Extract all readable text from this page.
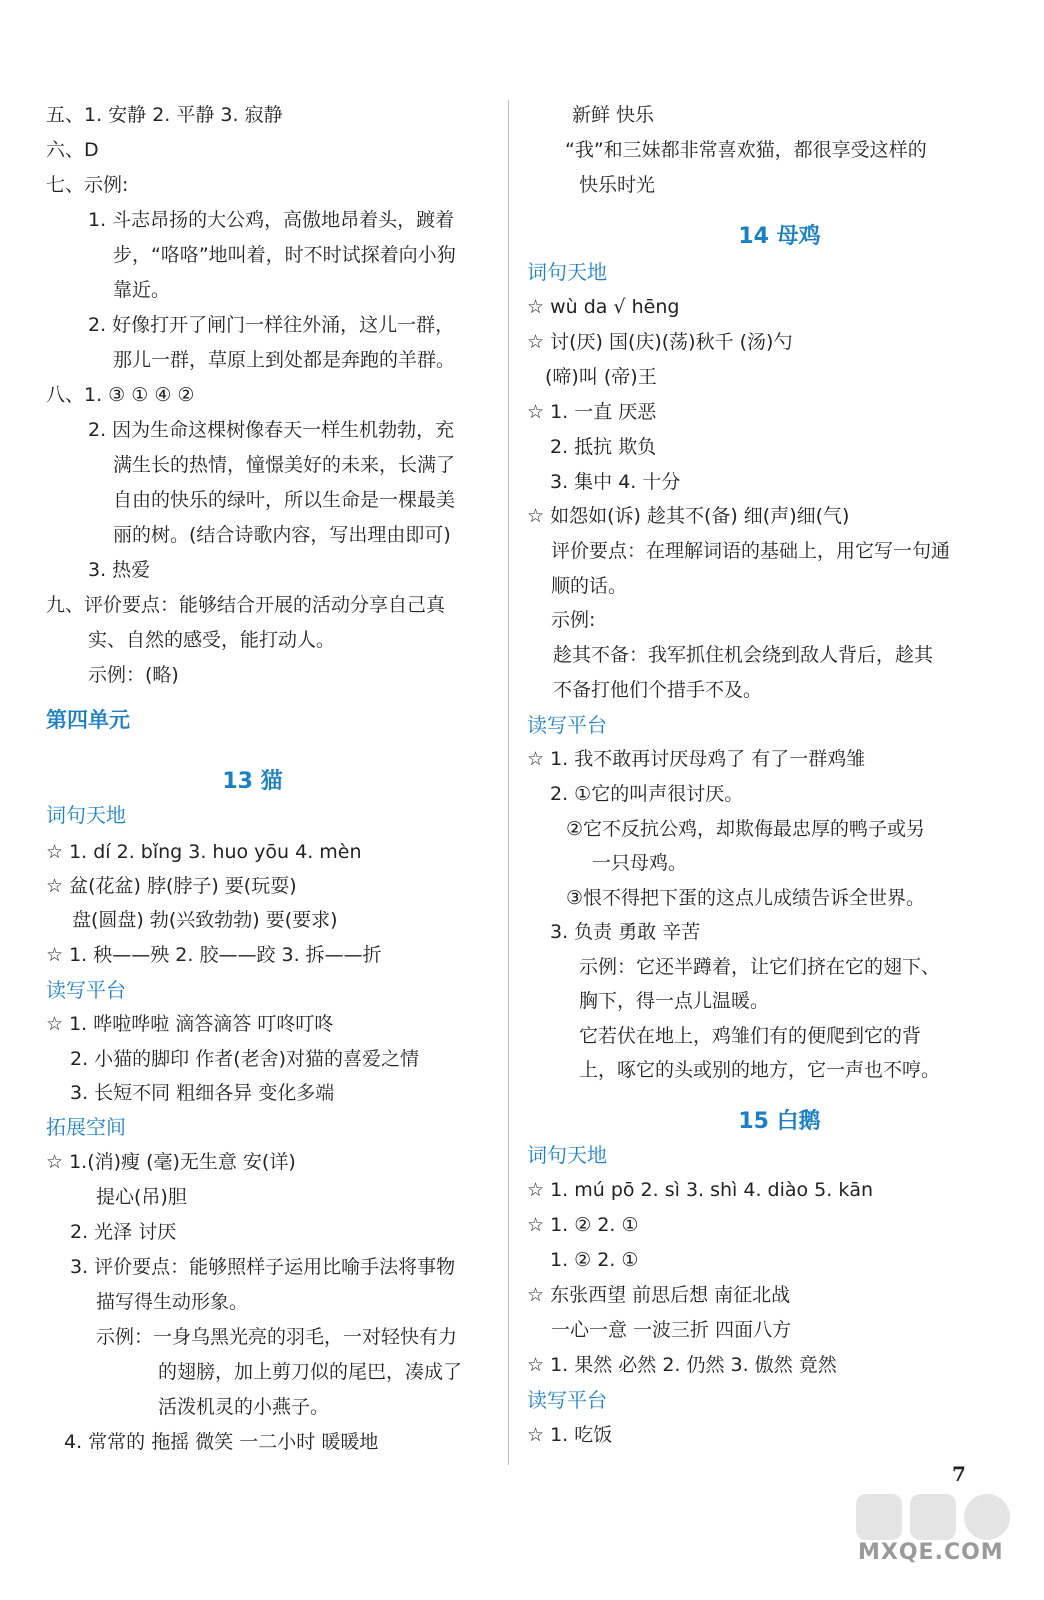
五、1. 安静 2. 平静 3. 寂静
六、D
七、示例:
1. 斗志昂扬的大公鸡，高傲地昂着头，踱着
步，“咯咯”地叫着，时不时试探着向小狗
靠近。
2. 好像打开了闸门一样往外涌，这儿一群，
那儿一群，草原上到处都是奔跑的羊群。
八、1. ③ ① ④ ②
2. 因为生命这棵树像春天一样生机勃勃，充
满生长的热情，憧憬美好的未来，长满了
自由的快乐的绿叶，所以生命是一棵最美
丽的树。(结合诗歌内容，写出理由即可)
3. 热爱
九、评价要点：能够结合开展的活动分享自己真
实、自然的感受，能打动人。
示例：(略)
第四单元
13 猫
词句天地
☆ 1. dí 2. bǐng 3. huo yōu 4. mèn
☆ 盆(花盆) 脖(脖子) 要(玩耍)
盘(圆盘) 勃(兴致勃勃) 要(要求)
☆ 1. 秧——殃 2. 胶——跤 3. 拆——折
读写平台
☆ 1. 哗啦哗啦 滴答滴答 叮咚叮咚
2. 小猫的脚印 作者(老舍)对猫的喜爱之情
3. 长短不同 粗细各异 变化多端
拓展空间
☆ 1.(消)瘦 (毫)无生意 安(详)
提心(吊)胆
2. 光泽 讨厌
3. 评价要点：能够照样子运用比喻手法将事物
描写得生动形象。
示例：一身乌黑光亮的羽毛，一对轻快有力
的翅膀，加上剪刀似的尾巴，凑成了
活泼机灵的小燕子。
4. 常常的 拖摇 微笑 一二小时 暖暖地
新鲜 快乐
“我”和三妹都非常喜欢猫，都很享受这样的
快乐时光
14 母鸡
词句天地
☆ wù da √ hēng
☆ 讨(厌) 国(庆)(荡)秋千 (汤)勺
(啼)叫 (帝)王
☆ 1. 一直 厌恶
2. 抵抗 欺负
3. 集中 4. 十分
☆ 如怨如(诉) 趁其不(备) 细(声)细(气)
评价要点：在理解词语的基础上，用它写一句通
顺的话。
示例:
趁其不备：我军抓住机会绕到敌人背后，趁其
不备打他们个措手不及。
读写平台
☆ 1. 我不敢再讨厌母鸡了 有了一群鸡雏
2. ①它的叫声很讨厌。
②它不反抗公鸡，却欺侮最忠厚的鸭子或另
一只母鸡。
③恨不得把下蛋的这点儿成绩告诉全世界。
3. 负责 勇敢 辛苦
示例：它还半蹲着，让它们挤在它的翅下、
胸下，得一点儿温暖。
它若伏在地上，鸡雏们有的便爬到它的背
上，啄它的头或别的地方，它一声也不哼。
15 白鹅
词句天地
☆ 1. mú pō 2. sì 3. shì 4. diào 5. kān
☆ 1. ② 2. ①
1. ② 2. ①
☆ 东张西望 前思后想 南征北战
一心一意 一波三折 四面八方
☆ 1. 果然 必然 2. 仍然 3. 傲然 竟然
读写平台
☆ 1. 吃饭
7
MXQE.COM
